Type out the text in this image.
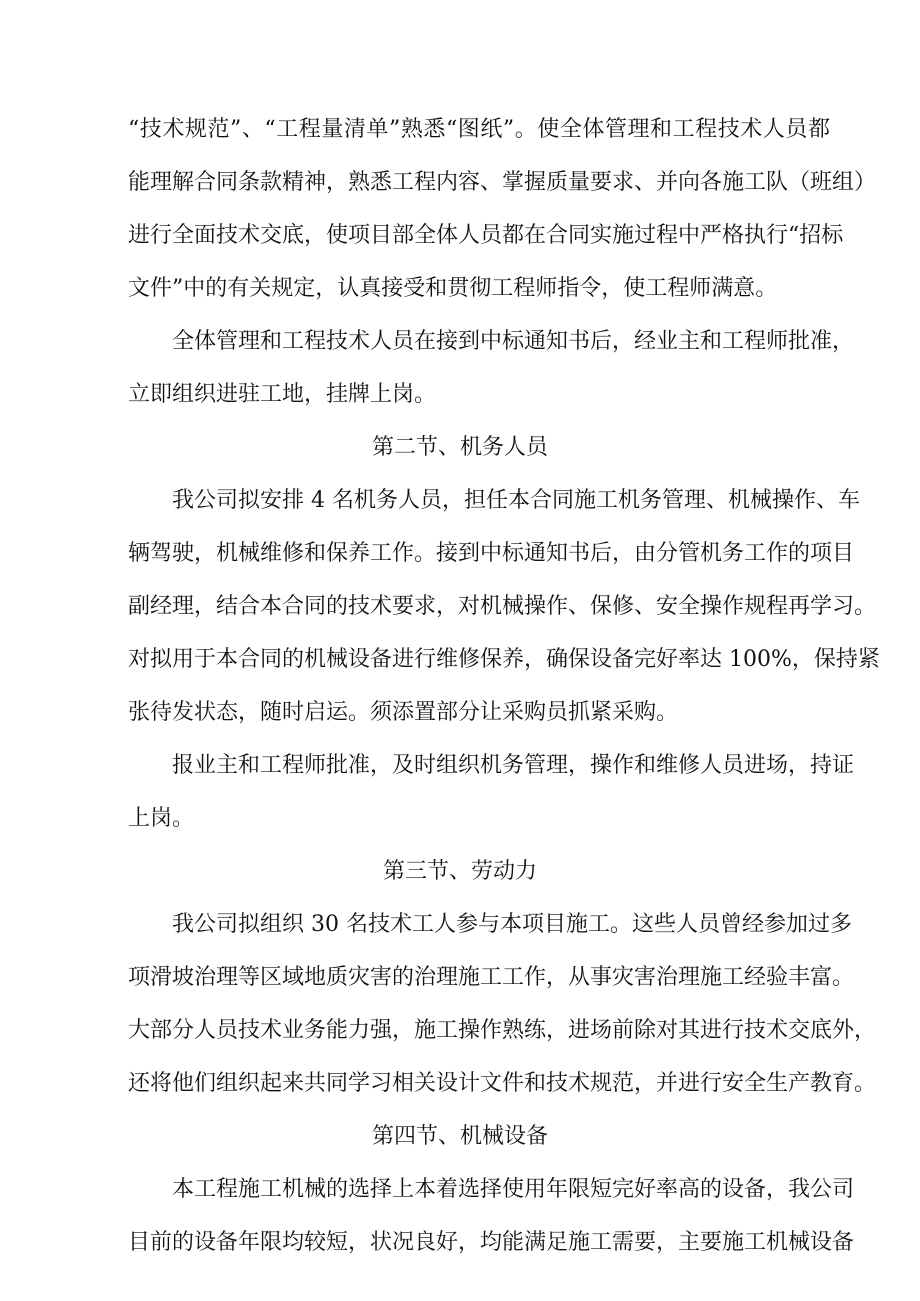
“技术规范”、“工程量清单”熟悉“图纸”。使全体管理和工程技术人员都
能理解合同条款精神，熟悉工程内容、掌握质量要求、并向各施工队（班组）
进行全面技术交底，使项目部全体人员都在合同实施过程中严格执行“招标
文件”中的有关规定，认真接受和贯彻工程师指令，使工程师满意。
全体管理和工程技术人员在接到中标通知书后，经业主和工程师批准，
立即组织进驻工地，挂牌上岗。
第二节、机务人员
我公司拟安排 4 名机务人员，担任本合同施工机务管理、机械操作、车
辆驾驶，机械维修和保养工作。接到中标通知书后，由分管机务工作的项目
副经理，结合本合同的技术要求，对机械操作、保修、安全操作规程再学习。
对拟用于本合同的机械设备进行维修保养，确保设备完好率达 100%，保持紧
张待发状态，随时启运。须添置部分让采购员抓紧采购。
报业主和工程师批准，及时组织机务管理，操作和维修人员进场，持证
上岗。
第三节、劳动力
我公司拟组织 30 名技术工人参与本项目施工。这些人员曾经参加过多
项滑坡治理等区域地质灾害的治理施工工作，从事灾害治理施工经验丰富。
大部分人员技术业务能力强，施工操作熟练，进场前除对其进行技术交底外，
还将他们组织起来共同学习相关设计文件和技术规范，并进行安全生产教育。
第四节、机械设备
本工程施工机械的选择上本着选择使用年限短完好率高的设备，我公司
目前的设备年限均较短，状况良好，均能满足施工需要，主要施工机械设备
